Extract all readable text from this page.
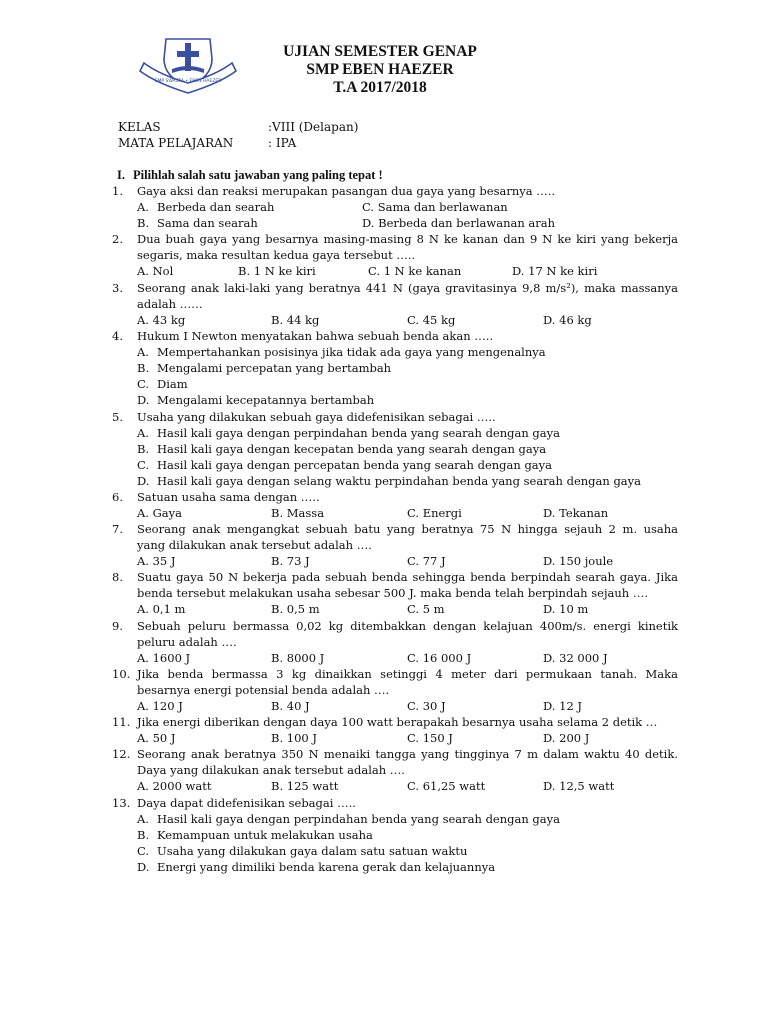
SMP SWASTA • EBEN HAEZER
UJIAN SEMESTER GENAP
SMP EBEN HAEZER
T.A 2017/2018
KELAS	:VIII (Delapan)
MATA PELAJARAN	: IPA
I. Pilihlah salah satu jawaban yang paling tepat !
1.	Gaya aksi dan reaksi merupakan pasangan dua gaya yang besarnya …..
A. Berbeda dan searah	C. Sama dan berlawanan
B. Sama dan searah	D. Berbeda dan berlawanan arah
2.	Dua buah gaya yang besarnya masing-masing 8 N ke kanan dan 9 N ke kiri yang bekerja
segaris, maka resultan kedua gaya tersebut …..
A. Nol	B. 1 N ke kiri	C. 1 N ke kanan	D. 17 N ke kiri
3.	Seorang anak laki-laki yang beratnya 441 N (gaya gravitasinya 9,8 m/s²), maka massanya
adalah ……
A. 43 kg	B. 44 kg	C. 45 kg	D. 46 kg
4.	Hukum I Newton menyatakan bahwa sebuah benda akan …..
A. Mempertahankan posisinya jika tidak ada gaya yang mengenalnya
B. Mengalami percepatan yang bertambah
C. Diam
D. Mengalami kecepatannya bertambah
5.	Usaha yang dilakukan sebuah gaya didefenisikan sebagai …..
A. Hasil kali gaya dengan perpindahan benda yang searah dengan gaya
B. Hasil kali gaya dengan kecepatan benda yang searah dengan gaya
C. Hasil kali gaya dengan percepatan benda yang searah dengan gaya
D. Hasil kali gaya dengan selang waktu perpindahan benda yang searah dengan gaya
6.	Satuan usaha sama dengan …..
A. Gaya	B. Massa	C. Energi	D. Tekanan
7.	Seorang anak mengangkat sebuah batu yang beratnya 75 N hingga sejauh 2 m. usaha
yang dilakukan anak tersebut adalah ….
A. 35 J	B. 73 J	C. 77 J	D. 150 joule
8.	Suatu gaya 50 N bekerja pada sebuah benda sehingga benda berpindah searah gaya. Jika
benda tersebut melakukan usaha sebesar 500 J. maka benda telah berpindah sejauh ….
A. 0,1 m	B. 0,5 m	C. 5 m	D. 10 m
9.	Sebuah peluru bermassa 0,02 kg ditembakkan dengan kelajuan 400m/s. energi kinetik
peluru adalah ….
A. 1600 J	B. 8000 J	C. 16 000 J	D. 32 000 J
10. Jika benda bermassa 3 kg dinaikkan setinggi 4 meter dari permukaan tanah. Maka
besarnya energi potensial benda adalah ….
A. 120 J	B. 40 J	C. 30 J	D. 12 J
11. Jika energi diberikan dengan daya 100 watt berapakah besarnya usaha selama 2 detik …
A. 50 J	B. 100 J	C. 150 J	D. 200 J
12. Seorang anak beratnya 350 N menaiki tangga yang tingginya 7 m dalam waktu 40 detik.
Daya yang dilakukan anak tersebut adalah ….
A. 2000 watt	B. 125 watt	C. 61,25 watt	D. 12,5 watt
13. Daya dapat didefenisikan sebagai …..
A. Hasil kali gaya dengan perpindahan benda yang searah dengan gaya
B. Kemampuan untuk melakukan usaha
C. Usaha yang dilakukan gaya dalam satu satuan waktu
D. Energi yang dimiliki benda karena gerak dan kelajuannya
